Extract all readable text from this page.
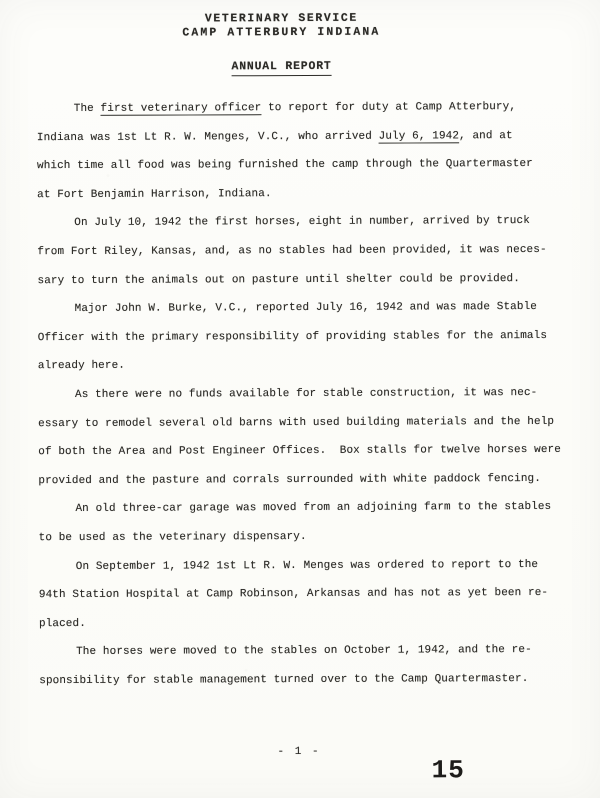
VETERINARY SERVICE
CAMP ATTERBURY INDIANA
ANNUAL REPORT
The first veterinary officer to report for duty at Camp Atterbury,
Indiana was 1st Lt R. W. Menges, V.C., who arrived July 6, 1942, and at
which time all food was being furnished the camp through the Quartermaster
at Fort Benjamin Harrison, Indiana.
On July 10, 1942 the first horses, eight in number, arrived by truck
from Fort Riley, Kansas, and, as no stables had been provided, it was neces-
sary to turn the animals out on pasture until shelter could be provided.
Major John W. Burke, V.C., reported July 16, 1942 and was made Stable
Officer with the primary responsibility of providing stables for the animals
already here.
As there were no funds available for stable construction, it was nec-
essary to remodel several old barns with used building materials and the help
of both the Area and Post Engineer Offices.  Box stalls for twelve horses were
provided and the pasture and corrals surrounded with white paddock fencing.
An old three-car garage was moved from an adjoining farm to the stables
to be used as the veterinary dispensary.
On September 1, 1942 1st Lt R. W. Menges was ordered to report to the
94th Station Hospital at Camp Robinson, Arkansas and has not as yet been re-
placed.
The horses were moved to the stables on October 1, 1942, and the re-
sponsibility for stable management turned over to the Camp Quartermaster.
- 1 -
15
